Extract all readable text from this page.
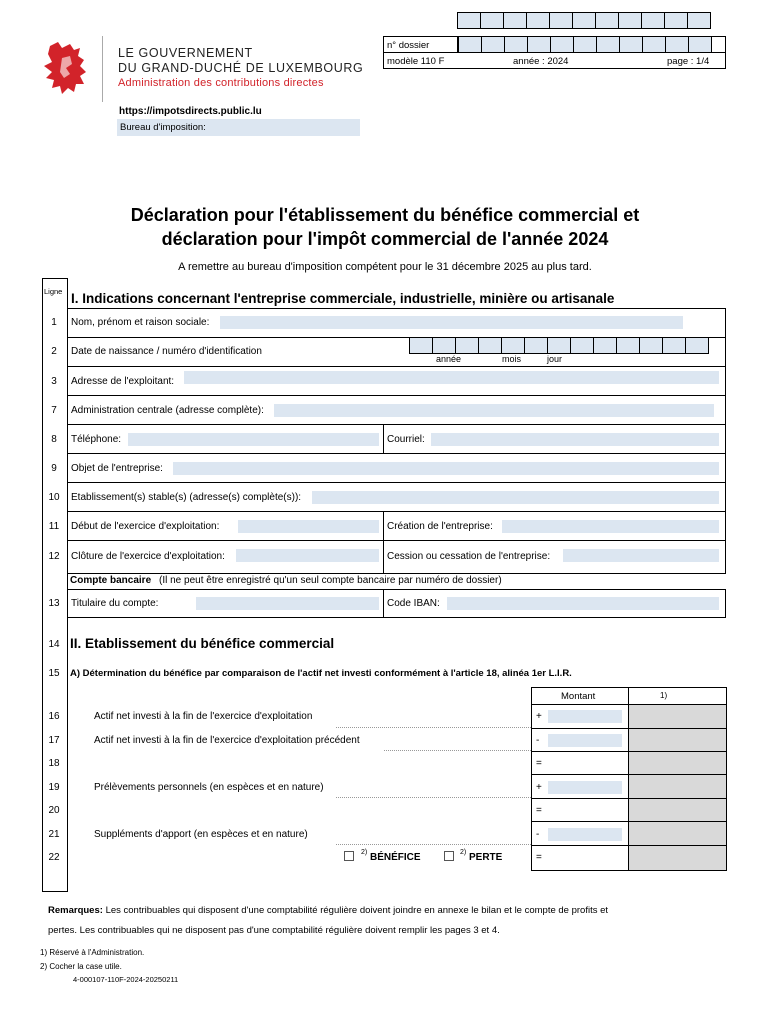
LE GOUVERNEMENT
DU GRAND-DUCHÉ DE LUXEMBOURG
Administration des contributions directes
n° dossier
modèle 110 F	année : 2024	page : 1/4
https://impotsdirects.public.lu
Bureau d'imposition:
Déclaration pour l'établissement du bénéfice commercial et
déclaration pour l'impôt commercial de l'année 2024
A remettre au bureau d'imposition compétent pour le 31 décembre 2025 au plus tard.
Ligne I. Indications concernant l'entreprise commerciale, industrielle, minière ou artisanale
1	Nom, prénom et raison sociale:
2	Date de naissance / numéro d'identification
année	mois	jour
3	Adresse de l'exploitant:
7	Administration centrale (adresse complète):
8	Téléphone:	Courriel:
9	Objet de l'entreprise:
10	Etablissement(s) stable(s) (adresse(s) complète(s)):
11	Début de l'exercice d'exploitation:	Création de l'entreprise:
12	Clôture de l'exercice d'exploitation:	Cession ou cessation de l'entreprise:
Compte bancaire (Il ne peut être enregistré qu'un seul compte bancaire par numéro de dossier)
13	Titulaire du compte:	Code IBAN:
14 II. Etablissement du bénéfice commercial
15	A) Détermination du bénéfice par comparaison de l'actif net investi conformément à l'article 18, alinéa 1er L.I.R.
Montant	1)
16	Actif net investi à la fin de l'exercice d'exploitation	+
17	Actif net investi à la fin de l'exercice d'exploitation précédent	-
18	=
19	Prélèvements personnels (en espèces et en nature)	+
20	=
21	Suppléments d'apport (en espèces et en nature)	-
22	2) BÉNÉFICE	2) PERTE	=
Remarques: Les contribuables qui disposent d'une comptabilité régulière doivent joindre en annexe le bilan et le compte de profits et
pertes. Les contribuables qui ne disposent pas d'une comptabilité régulière doivent remplir les pages 3 et 4.
1) Réservé à l'Administration.
2) Cocher la case utile.
4-000107-110F-2024-20250211
